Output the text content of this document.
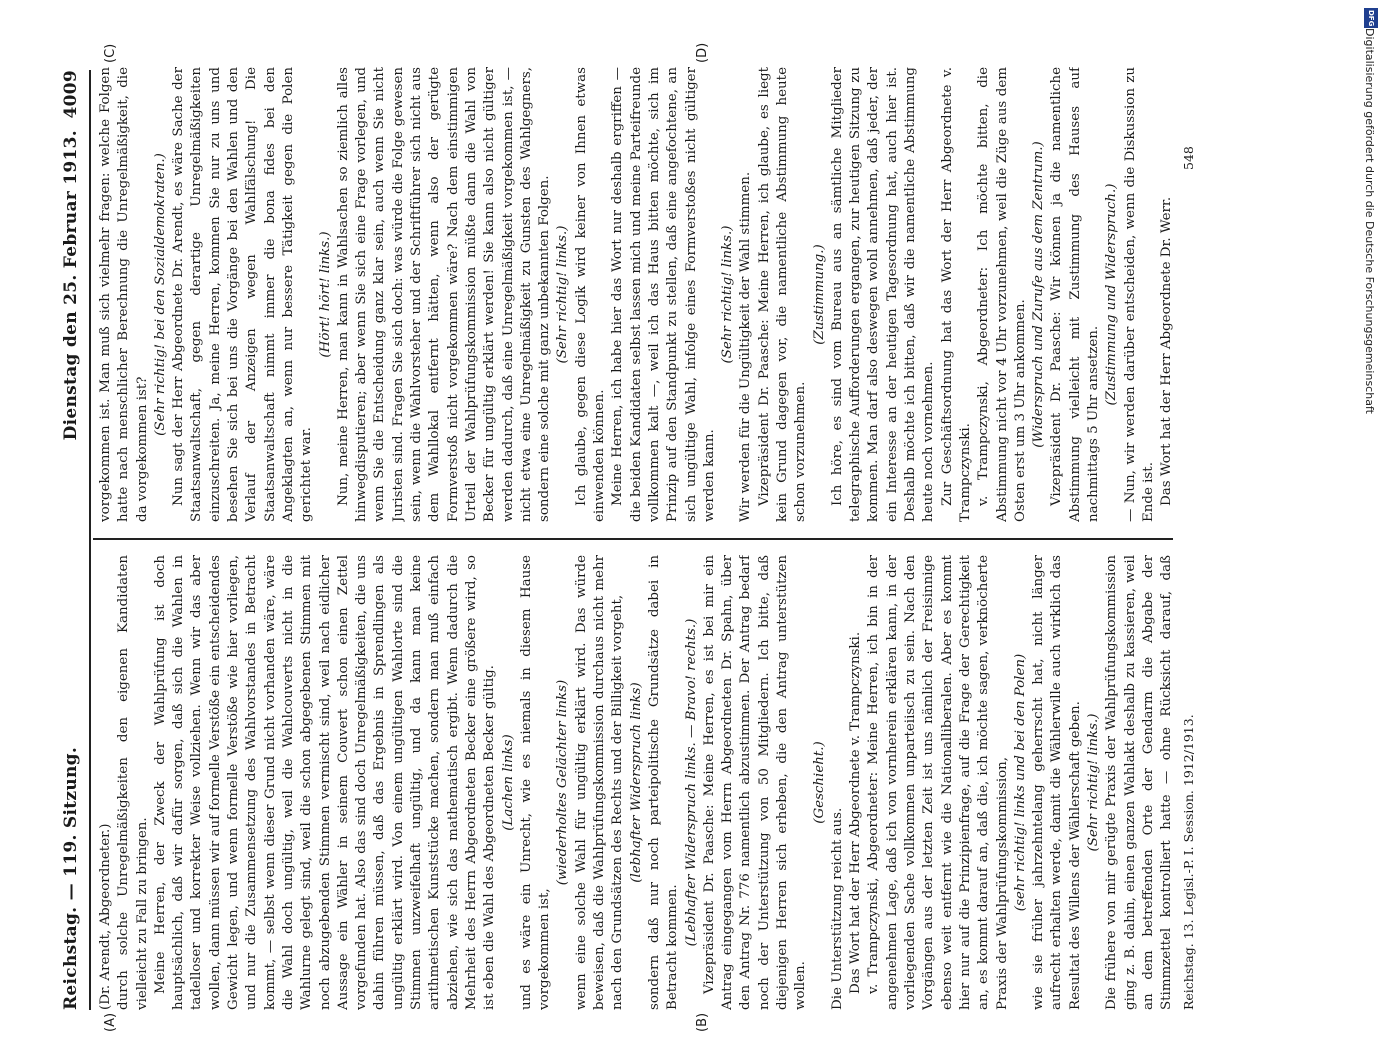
Reichstag. — 119. Sitzung.
Dienstag den 25. Februar 1913.
4009
(A)	(B)
(C)	(D)

(Dr. Arendt, Abgeordneter.) durch solche Unregelmäßigkeiten den eigenen Kandidaten vielleicht zu Fall zu bringen. Meine Herren, der Zweck der Wahlprüfung ist doch hauptsächlich, daß wir dafür sorgen, daß sich die Wahlen in tadelloser und korrekter Weise vollziehen. Wenn wir das aber wollen, dann müssen wir auf formelle Verstöße ein entscheidendes Gewicht legen, und wenn formelle Verstöße wie hier vorliegen, und nur die Zusammensetzung des Wahlvorstandes in Betracht kommt, — selbst wenn dieser Grund nicht vorhanden wäre, wäre die Wahl doch ungültig, weil die Wahlcouverts nicht in die Wahlurne gelegt sind, weil die schon abgegebenen Stimmen mit noch abzugebenden Stimmen vermischt sind, weil nach eidlicher Aussage ein Wähler in seinem Couvert schon einen Zettel vorgefunden hat. Also das sind doch Unregelmäßigkeiten, die uns dahin führen müssen, daß das Ergebnis in Sprendlingen als ungültig erklärt wird. Von einem ungültigen Wahlorte sind die Stimmen unzweifelhaft ungültig, und da kann man keine arithmetischen Kunststücke machen, sondern man muß einfach abziehen, wie sich das mathematisch ergibt. Wenn dadurch die Mehrheit des Herrn Abgeordneten Becker eine größere wird, so ist eben die Wahl des Abgeordneten Becker gültig. (Lachen links) und es wäre ein Unrecht, wie es niemals in diesem Hause vorgekommen ist,

(wiederholtes Gelächter links) wenn eine solche Wahl für ungültig erklärt wird. Das würde beweisen, daß die Wahlprüfungskommission durchaus nicht mehr nach den Grundsätzen des Rechts und der Billigkeit vorgeht, (lebhafter Widerspruch links) sondern daß nur noch parteipolitische Grundsätze dabei in Betracht kommen.

(Lebhafter Widerspruch links. — Bravo! rechts.) Vizepräsident Dr. Paasche: Meine Herren, es ist bei mir ein Antrag eingegangen vom Herrn Abgeordneten Dr. Spahn, über den Antrag Nr. 776 namentlich abzustimmen. Der Antrag bedarf noch der Unterstützung von 50 Mitgliedern. Ich bitte, daß diejenigen Herren sich erheben, die den Antrag unterstützen wollen.

(Geschieht.)

Die Unterstützung reicht aus. Das Wort hat der Herr Abgeordnete v. Trampczynski. v. Trampczynski, Abgeordneter: Meine Herren, ich bin in der angenehmen Lage, daß ich von vornherein erklären kann, in der vorliegenden Sache vollkommen unparteiisch zu sein. Nach den Vorgängen aus der letzten Zeit ist uns nämlich der Freisinnige ebenso weit entfernt wie die Nationalliberalen. Aber es kommt hier nur auf die Prinzipienfrage, auf die Frage der Gerechtigkeit an, es kommt darauf an, daß die, ich möchte sagen, verknöcherte Praxis der Wahlprüfungskommission, (sehr richtig! links und bei den Polen) wie sie früher jahrzehntelang geherrscht hat, nicht länger aufrecht erhalten werde, damit die Wählerwille auch wirklich das Resultat des Willens der Wählerschaft geben. (Sehr richtig! links.)

Die frühere von mir gerügte Praxis der Wahlprüfungskommission ging z. B. dahin, einen ganzen Wahlakt deshalb zu kassieren, weil an dem betreffenden Orte der Gendarm die Abgabe der Stimmzettel kontrolliert hatte — ohne Rücksicht darauf, daß

vorgekommen ist. Man muß sich vielmehr fragen: welche Folgen hatte nach menschlicher Berechnung die Unregelmäßigkeit, die da vorgekommen ist?

(Sehr richtig! bei den Sozialdemokraten.) Nun sagt der Herr Abgeordnete Dr. Arendt, es wäre Sache der Staatsanwaltschaft, gegen derartige Unregelmäßigkeiten einzuschreiten. Ja, meine Herren, kommen Sie nur zu uns und besehen Sie sich bei uns die Vorgänge bei den Wahlen und den Verlauf der Anzeigen wegen Wahlfälschung! Die Staatsanwaltschaft nimmt immer die bona fides bei den Angeklagten an, wenn nur bessere Tätigkeit gegen die Polen gerichtet war.

(Hört! hört! links.) Nun, meine Herren, man kann in Wahlsachen so ziemlich alles hinwegdisputieren; aber wenn Sie sich eine Frage vorlegen, und wenn Sie die Entscheidung ganz klar sein, auch wenn Sie nicht Juristen sind. Fragen Sie sich doch: was würde die Folge gewesen sein, wenn die Wahlvorsteher und der Schriftführer sich nicht aus dem Wahllokal entfernt hätten, wenn also der gerügte Formverstoß nicht vorgekommen wäre? Nach dem einstimmigen Urteil der Wahlprüfungskommission müßte dann die Wahl von Becker für ungültig erklärt werden! Sie kann also nicht gültiger werden dadurch, daß eine Unregelmäßigkeit vorgekommen ist, — nicht etwa eine Unregelmäßigkeit zu Gunsten des Wahlgegners, sondern eine solche mit ganz unbekannten Folgen. (Sehr richtig! links.) Ich glaube, gegen diese Logik wird keiner von Ihnen etwas einwenden können. Meine Herren, ich habe hier das Wort nur deshalb ergriffen — die beiden Kandidaten selbst lassen mich und meine Parteifreunde vollkommen kalt —, weil ich das Haus bitten möchte, sich im Prinzip auf den Standpunkt zu stellen, daß eine angefochtene, an sich ungültige Wahl, infolge eines Formverstoßes nicht gültiger werden kann.

(Sehr richtig! links.) Wir werden für die Ungültigkeit der Wahl stimmen. Vizepräsident Dr. Paasche: Meine Herren, ich glaube, es liegt kein Grund dagegen vor, die namentliche Abstimmung heute schon vorzunehmen.

(Zustimmung.) Ich höre, es sind vom Bureau aus an sämtliche Mitglieder telegraphische Aufforderungen ergangen, zur heutigen Sitzung zu kommen. Man darf also deswegen wohl annehmen, daß jeder, der ein Interesse an der heutigen Tagesordnung hat, auch hier ist. Deshalb möchte ich bitten, daß wir die namentliche Abstimmung heute noch vornehmen. Zur Geschäftsordnung hat das Wort der Herr Abgeordnete v. Trampczynski. v. Trampczynski, Abgeordneter: Ich möchte bitten, die Abstimmung nicht vor 4 Uhr vorzunehmen, weil die Züge aus dem Osten erst um 3 Uhr ankommen. (Widerspruch und Zurufe aus dem Zentrum.) Vizepräsident Dr. Paasche: Wir können ja die namentliche Abstimmung vielleicht mit Zustimmung des Hauses auf nachmittags 5 Uhr ansetzen.

(Zustimmung und Widerspruch.) — Nun, wir werden darüber entscheiden, wenn die Diskussion zu Ende ist. Das Wort hat der Herr Abgeordnete Dr. Werr.

Reichstag. 13. Legisl.-P. I. Session. 1912/1913.
548
DFG
Digitalisierung gefördert durch die Deutsche Forschungsgemeinschaft
